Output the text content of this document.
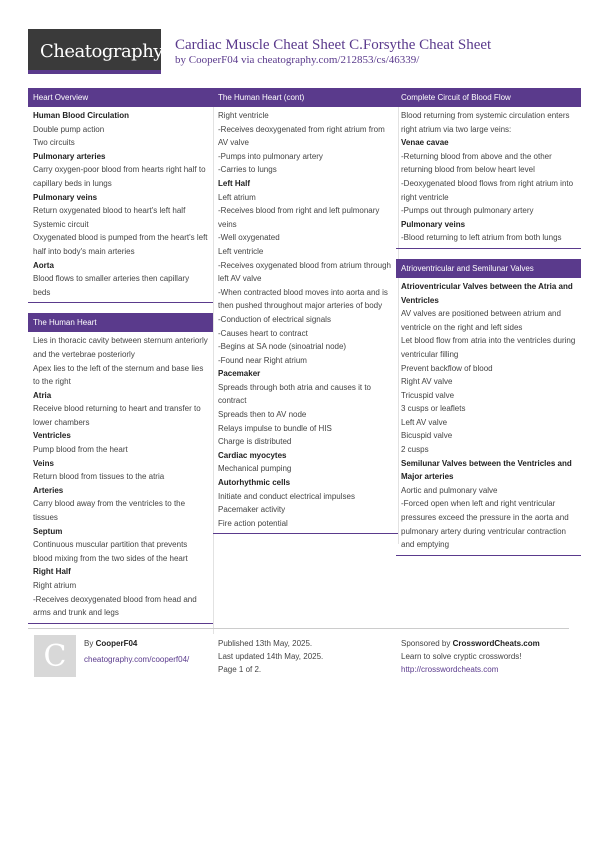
Cheatography Cardiac Muscle Cheat Sheet C.Forsythe Cheat Sheet
by CooperF04 via cheatography.com/212853/cs/46339/
Heart Overview
Human Blood Circulation
Double pump action
Two circuits
Pulmonary arteries
Carry oxygen-poor blood from hearts right half to capillary beds in lungs
Pulmonary veins
Return oxygenated blood to heart's left half
Systemic circuit
Oxygenated blood is pumped from the heart's left half into body's main arteries
Aorta
Blood flows to smaller arteries then capillary beds
The Human Heart
Lies in thoracic cavity between sternum anteriorly and the vertebrae posteriorly
Apex lies to the left of the sternum and base lies to the right
Atria
Receive blood returning to heart and transfer to lower chambers
Ventricles
Pump blood from the heart
Veins
Return blood from tissues to the atria
Arteries
Carry blood away from the ventricles to the tissues
Septum
Continuous muscular partition that prevents blood mixing from the two sides of the heart
Right Half
Right atrium
-Receives deoxygenated blood from head and arms and trunk and legs
The Human Heart (cont)
Right ventricle
-Receives deoxygenated from right atrium from AV valve
-Pumps into pulmonary artery
-Carries to lungs
Left Half
Left atrium
-Receives blood from right and left pulmonary veins
-Well oxygenated
Left ventricle
-Receives oxygenated blood from atrium through left AV valve
-When contracted blood moves into aorta and is then pushed throughout major arteries of body
-Conduction of electrical signals
-Causes heart to contract
-Begins at SA node (sinoatrial node)
-Found near Right atrium
Pacemaker
Spreads through both atria and causes it to contract
Spreads then to AV node
Relays impulse to bundle of HIS
Charge is distributed
Cardiac myocytes
Mechanical pumping
Autorhythmic cells
Initiate and conduct electrical impulses
Pacemaker activity
Fire action potential
Complete Circuit of Blood Flow
Blood returning from systemic circulation enters right atrium via two large veins:
Venae cavae
-Returning blood from above and the other returning blood from below heart level
-Deoxygenated blood flows from right atrium into right ventricle
-Pumps out through pulmonary artery
Pulmonary veins
-Blood returning to left atrium from both lungs
Atrioventricular and Semilunar Valves
Atrioventricular Valves between the Atria and Ventricles
AV valves are positioned between atrium and ventricle on the right and left sides
Let blood flow from atria into the ventricles during ventricular filling
Prevent backflow of blood
Right AV valve
Tricuspid valve
3 cusps or leaflets
Left AV valve
Bicuspid valve
2 cusps
Semilunar Valves between the Ventricles and Major arteries
Aortic and pulmonary valve
-Forced open when left and right ventricular pressures exceed the pressure in the aorta and pulmonary artery during ventricular contraction and emptying
C	By CooperF04
cheatography.com/cooperf04/
Published 13th May, 2025.
Last updated 14th May, 2025.
Page 1 of 2.
Sponsored by CrosswordCheats.com
Learn to solve cryptic crosswords!
http://crosswordcheats.com
